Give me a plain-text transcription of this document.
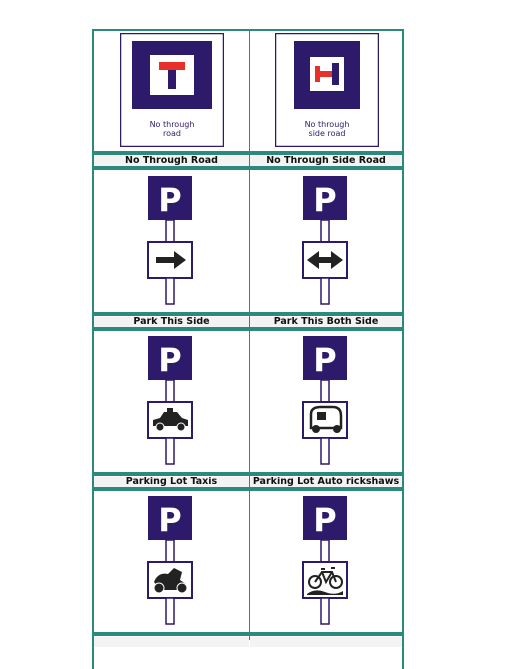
No through
road
No Through Road
No through
side road
No Through Side Road
P
Park This Side
P
Park This Both Side
P
Parking Lot Taxis
P
Parking Lot Auto rickshaws
P	P
